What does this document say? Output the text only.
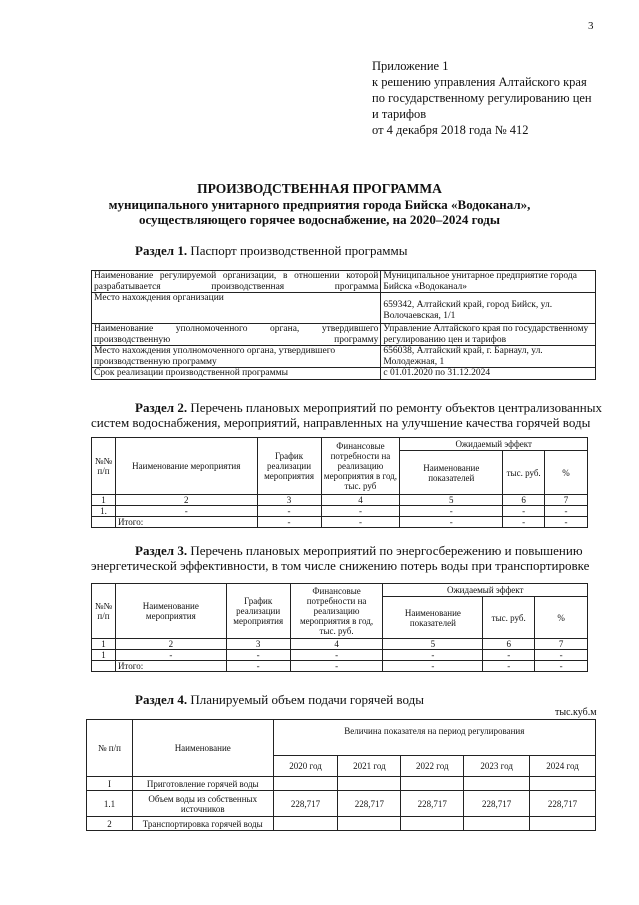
3
Приложение 1
к решению управления Алтайского края
по государственному регулированию цен
и тарифов
от 4 декабря 2018 года № 412
ПРОИЗВОДСТВЕННАЯ ПРОГРАММА
муниципального унитарного предприятия города Бийска «Водоканал»,
осуществляющего горячее водоснабжение, на 2020–2024 годы
Раздел 1. Паспорт производственной программы
Наименование регулируемой организации, в отношении которой разрабатывается производственная программа	Муниципальное унитарное предприятие города Бийска «Водоканал»
Место нахождения организации	659342, Алтайский край, город Бийск, ул. Волочаевская, 1/1
Наименование уполномоченного органа, утвердившего производственную программу	Управление Алтайского края по государственному регулированию цен и тарифов
Место нахождения уполномоченного органа, утвердившего производственную программу	656038, Алтайский край, г. Барнаул, ул. Молодежная, 1
Срок реализации производственной программы	с 01.01.2020 по 31.12.2024
Раздел 2. Перечень плановых мероприятий по ремонту объектов централизованных
систем водоснабжения, мероприятий, направленных на улучшение качества горячей воды
№№ п/п	Наименование мероприятия	График реализации мероприятия	Финансовые потребности на реализацию мероприятия в год, тыс. руб	Ожидаемый эффект		
				Наименование показателей	тыс. руб.	%
1	2	3	4	5	6	7
1.	-	-	-	-	-	-
	Итого:	-	-	-	-	-
Раздел 3. Перечень плановых мероприятий по энергосбережению и повышению
энергетической эффективности, в том числе снижению потерь воды при транспортировке
№№ п/п	Наименование мероприятия	График реализации мероприятия	Финансовые потребности на реализацию мероприятия в год, тыс. руб.	Ожидаемый эффект		
				Наименование показателей	тыс. руб.	%
1	2	3	4	5	6	7
1	-	-	-	-	-	-
	Итого:	-	-	-	-	-
Раздел 4. Планируемый объем подачи горячей воды
тыс.куб.м
№ п/п	Наименование	Величина показателя на период регулирования				
		2020 год	2021 год	2022 год	2023 год	2024 год
I	Приготовление горячей воды					
1.1	Объем воды из собственных источников	228,717	228,717	228,717	228,717	228,717
2	Транспортировка горячей воды					
